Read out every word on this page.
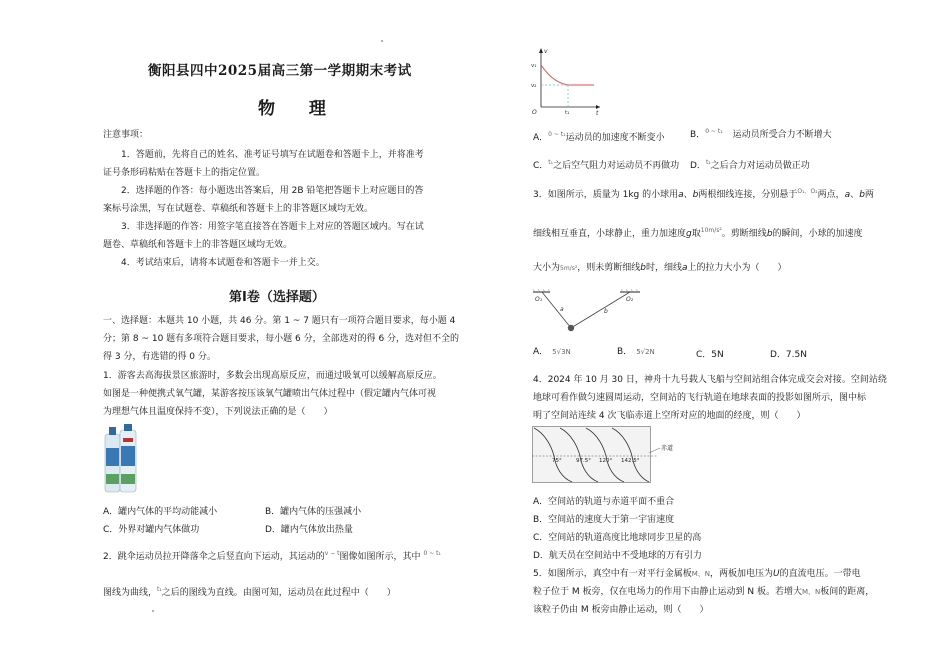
衡阳县四中2025届高三第一学期期末考试
物 理
注意事项：
1．答题前，先将自己的姓名、准考证号填写在试题卷和答题卡上，并将准考
证号条形码粘贴在答题卡上的指定位置。
2．选择题的作答：每小题选出答案后，用 2B 铅笔把答题卡上对应题目的答
案标号涂黑，写在试题卷、草稿纸和答题卡上的非答题区域均无效。
3．非选择题的作答：用签字笔直接答在答题卡上对应的答题区域内。写在试
题卷、草稿纸和答题卡上的非答题区域均无效。
4．考试结束后，请将本试题卷和答题卡一并上交。
第Ⅰ卷（选择题）
一、选择题：本题共 10 小题，共 46 分。第 1 ~ 7 题只有一项符合题目要求，每小题 4
分；第 8 ~ 10 题有多项符合题目要求，每小题 6 分，全部选对的得 6 分，选对但不全的
得 3 分，有选错的得 0 分。
1．游客去高海拔景区旅游时，多数会出现高原反应，而通过吸氧可以缓解高原反应。
如图是一种便携式氧气罐，某游客按压该氧气罐喷出气体过程中（假定罐内气体可视
为理想气体且温度保持不变），下列说法正确的是（　　）
A．罐内气体的平均动能减小	B．罐内气体的压强减小
C．外界对罐内气体做功	D．罐内气体放出热量
2．跳伞运动员拉开降落伞之后竖直向下运动，其运动的$^{v - t}$图像如图所示，其中 $^{0 \sim t_1}$
图线为曲线，$^{t_1}$之后的图线为直线。由图可知，运动员在此过程中（　　）
v
t
v₁
v₂
t₁
O
A．$^{0 \sim t_1}$运动员的加速度不断变小	B．$^{0 \sim t_1}$ 运动员所受合力不断增大
C．$^{t_1}$之后空气阻力对运动员不再做功 D．$^{t_1}$之后合力对运动员做正功
3．如图所示，质量为 1kg 的小球用a、b两根细线连接，分别悬于$^{O_1、O_2}$两点，a、b两
细线相互垂直，小球静止，重力加速度g取$^{10m/s^2}$。剪断细线b的瞬间，小球的加速度
大小为5m/s²，则未剪断细线b时，细线a上的拉力大小为（　　）
O₁	O₂
a	b
A． 5√3N	B． 5√2N	C．5N	D．7.5N
4．2024 年 10 月 30 日，神舟十九号载人飞船与空间站组合体完成交会对接。空间站绕
地球可看作做匀速圆周运动，空间站的飞行轨道在地球表面的投影如图所示，图中标
明了空间站连续 4 次飞临赤道上空所对应的地面的经度，则（　　）
75°	97.5° 120° 142.5°
赤道
A．空间站的轨道与赤道平面不重合
B．空间站的速度大于第一宇宙速度
C．空间站的轨道高度比地球同步卫星的高
D．航天员在空间站中不受地球的万有引力
5．如图所示，真空中有一对平行金属板M、N，两板加电压为U的直流电压。一带电
粒子位于 M 板旁，仅在电场力的作用下由静止运动到 N 板。若增大M、N板间的距离，
该粒子仍由 M 板旁由静止运动，则（　　）
